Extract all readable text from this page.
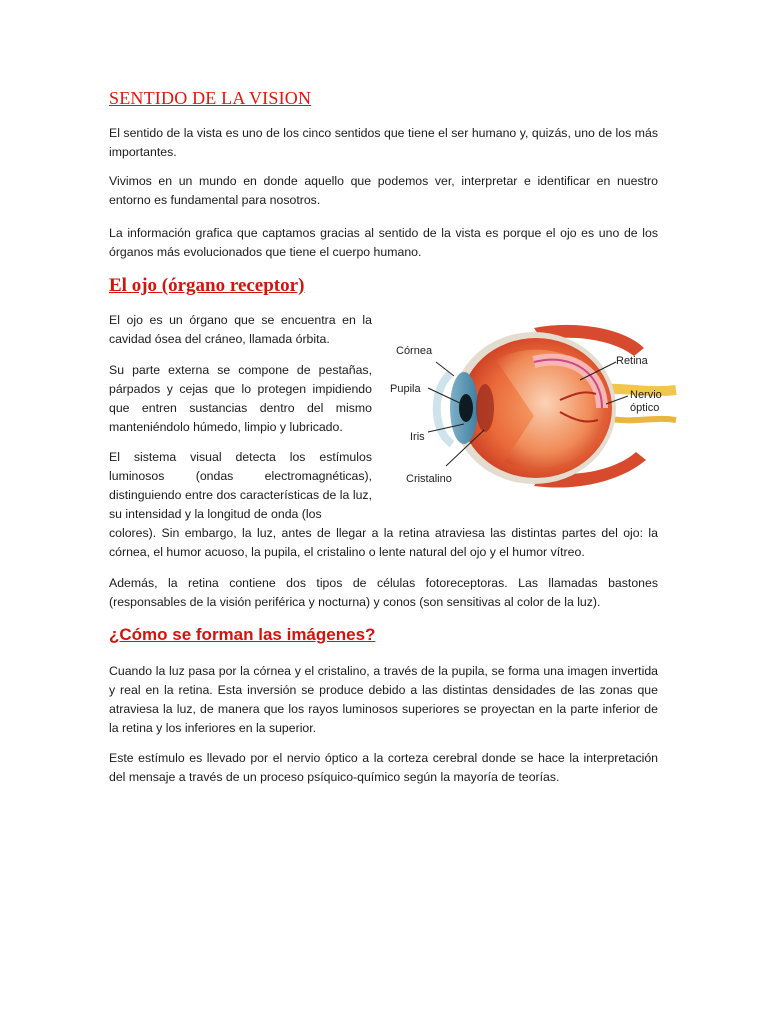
SENTIDO DE LA VISION

El sentido de la vista es uno de los cinco sentidos que tiene el ser humano y, quizás, uno de los más importantes.

Vivimos en un mundo en donde aquello que podemos ver, interpretar e identificar en nuestro entorno es fundamental para nosotros.

La información grafica que captamos gracias al sentido de la vista es porque el ojo es uno de los órganos más evolucionados que tiene el cuerpo humano.

El ojo (órgano receptor)

El ojo es un órgano que se encuentra en la cavidad ósea del cráneo, llamada órbita.

Su parte externa se compone de pestañas, párpados y cejas que lo protegen impidiendo que entren sustancias dentro del mismo manteniéndolo húmedo, limpio y lubricado.

El sistema visual detecta los estímulos luminosos (ondas electromagnéticas), distinguiendo entre dos características de la luz, su intensidad y la longitud de onda (los

colores). Sin embargo, la luz, antes de llegar a la retina atraviesa las distintas partes del ojo: la córnea, el humor acuoso, la pupila, el cristalino o lente natural del ojo y el humor vítreo.

Además, la retina contiene dos tipos de células fotoreceptoras. Las llamadas bastones (responsables de la visión periférica y nocturna) y conos (son sensitivas al color de la luz).

Córnea
Pupila
Iris
Cristalino
Retina
Nervio
óptico
¿Cómo se forman las imágenes?

Cuando la luz pasa por la córnea y el cristalino, a través de la pupila, se forma una imagen invertida y real en la retina. Esta inversión se produce debido a las distintas densidades de las zonas que atraviesa la luz, de manera que los rayos luminosos superiores se proyectan en la parte inferior de la retina y los inferiores en la superior.

Este estímulo es llevado por el nervio óptico a la corteza cerebral donde se hace la interpretación del mensaje a través de un proceso psíquico-químico según la mayoría de teorías.
